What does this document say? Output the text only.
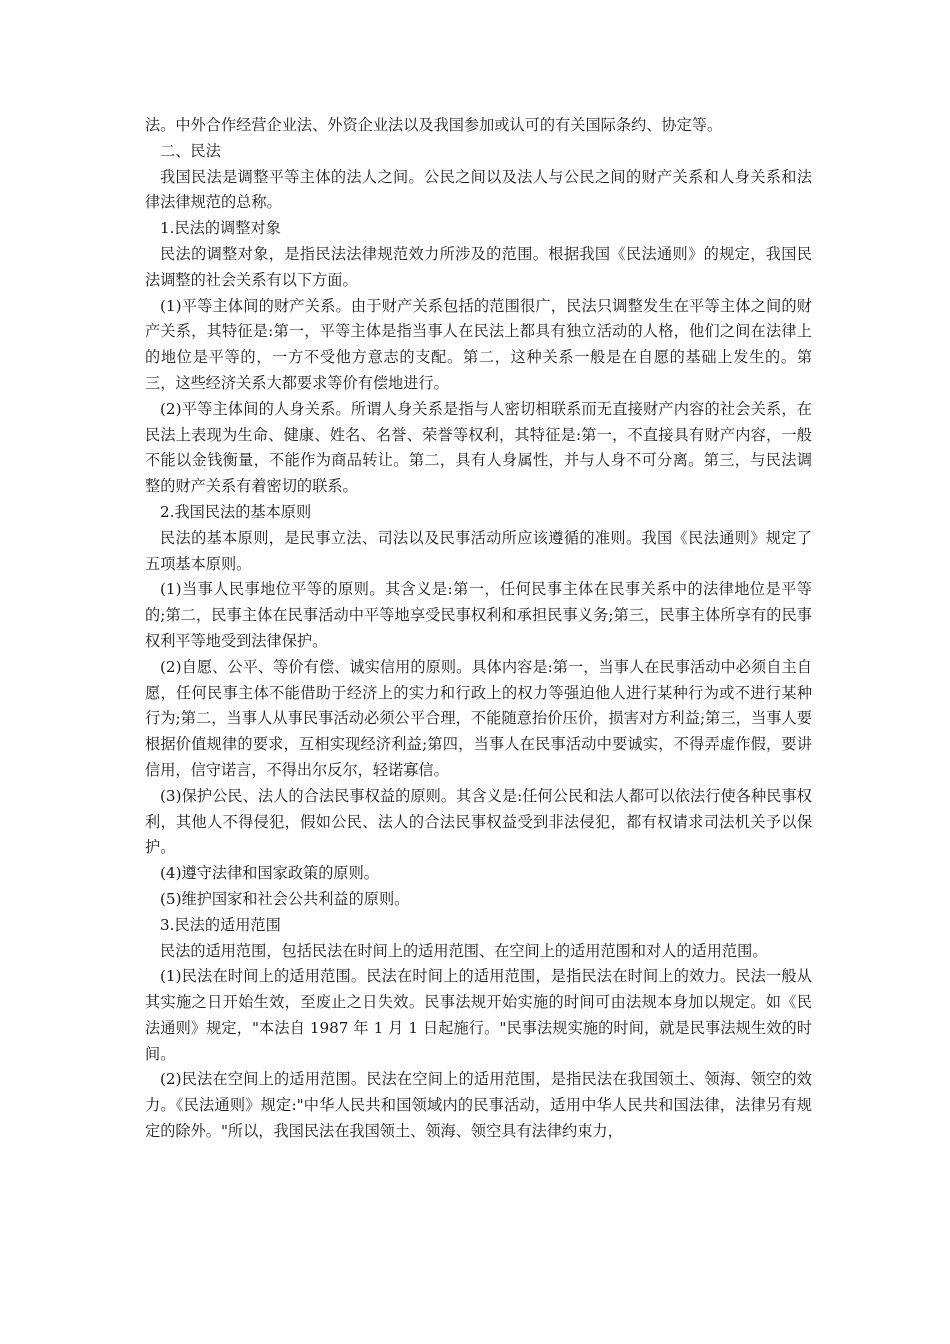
法。中外合作经营企业法、外资企业法以及我国参加或认可的有关国际条约、协定等。

二、民法

我国民法是调整平等主体的法人之间。公民之间以及法人与公民之间的财产关系和人身关系和法律法律规范的总称。

1.民法的调整对象

民法的调整对象，是指民法法律规范效力所涉及的范围。根据我国《民法通则》的规定，我国民法调整的社会关系有以下方面。

(1)平等主体间的财产关系。由于财产关系包括的范围很广，民法只调整发生在平等主体之间的财产关系，其特征是:第一，平等主体是指当事人在民法上都具有独立活动的人格，他们之间在法律上的地位是平等的，一方不受他方意志的支配。第二，这种关系一般是在自愿的基础上发生的。第三，这些经济关系大都要求等价有偿地进行。

(2)平等主体间的人身关系。所谓人身关系是指与人密切相联系而无直接财产内容的社会关系，在民法上表现为生命、健康、姓名、名誉、荣誉等权利，其特征是:第一，不直接具有财产内容，一般不能以金钱衡量，不能作为商品转让。第二，具有人身属性，并与人身不可分离。第三，与民法调整的财产关系有着密切的联系。

2.我国民法的基本原则

民法的基本原则，是民事立法、司法以及民事活动所应该遵循的准则。我国《民法通则》规定了五项基本原则。

(1)当事人民事地位平等的原则。其含义是:第一，任何民事主体在民事关系中的法律地位是平等的;第二，民事主体在民事活动中平等地享受民事权利和承担民事义务;第三，民事主体所享有的民事权利平等地受到法律保护。

(2)自愿、公平、等价有偿、诚实信用的原则。具体内容是:第一，当事人在民事活动中必须自主自愿，任何民事主体不能借助于经济上的实力和行政上的权力等强迫他人进行某种行为或不进行某种行为;第二，当事人从事民事活动必须公平合理，不能随意抬价压价，损害对方利益;第三，当事人要根据价值规律的要求，互相实现经济利益;第四，当事人在民事活动中要诚实，不得弄虚作假，要讲信用，信守诺言，不得出尔反尔，轻诺寡信。

(3)保护公民、法人的合法民事权益的原则。其含义是:任何公民和法人都可以依法行使各种民事权利，其他人不得侵犯，假如公民、法人的合法民事权益受到非法侵犯，都有权请求司法机关予以保护。

(4)遵守法律和国家政策的原则。

(5)维护国家和社会公共利益的原则。

3.民法的适用范围

民法的适用范围，包括民法在时间上的适用范围、在空间上的适用范围和对人的适用范围。

(1)民法在时间上的适用范围。民法在时间上的适用范围，是指民法在时间上的效力。民法一般从其实施之日开始生效，至废止之日失效。民事法规开始实施的时间可由法规本身加以规定。如《民法通则》规定，"本法自 1987 年 1 月 1 日起施行。"民事法规实施的时间，就是民事法规生效的时间。

(2)民法在空间上的适用范围。民法在空间上的适用范围，是指民法在我国领土、领海、领空的效力。《民法通则》规定:"中华人民共和国领域内的民事活动，适用中华人民共和国法律，法律另有规定的除外。"所以，我国民法在我国领土、领海、领空具有法律约束力，
